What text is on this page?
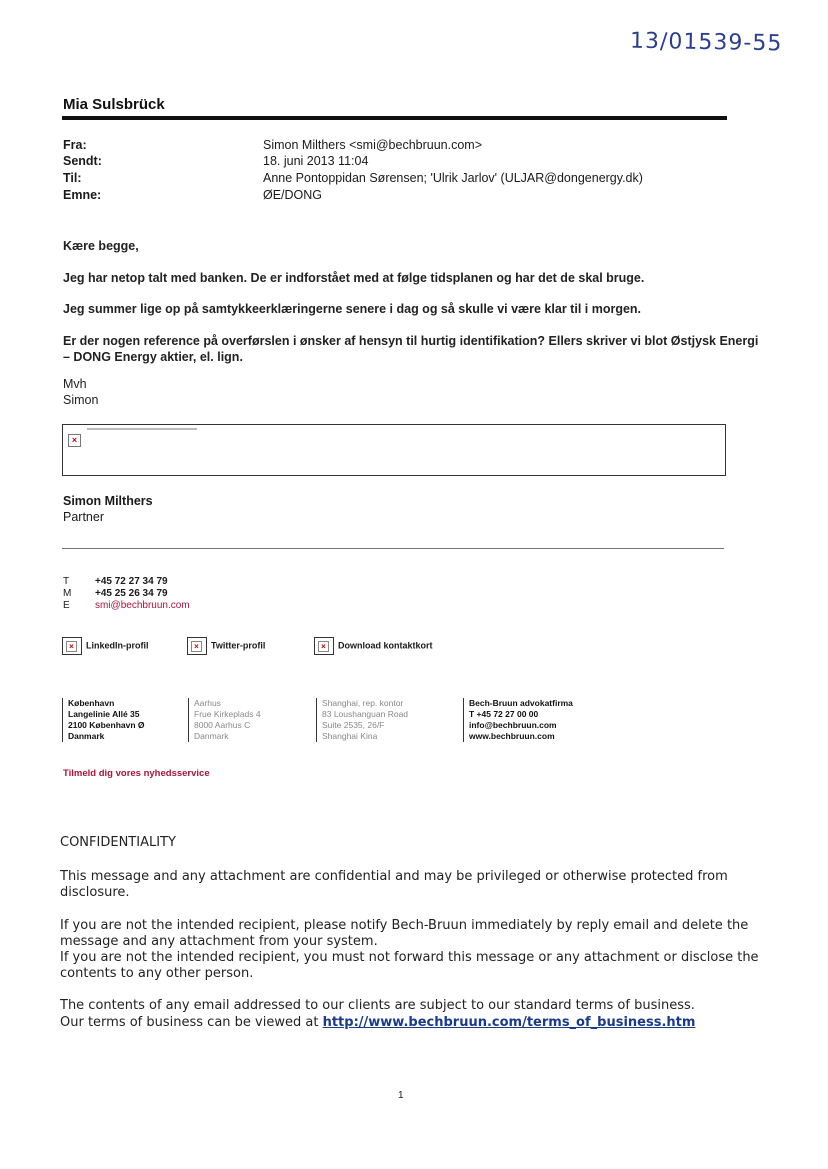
13/01539-55
Mia Sulsbrück
Fra:	Simon Milthers <smi@bechbruun.com>
Sendt:	18. juni 2013 11:04
Til:	Anne Pontoppidan Sørensen; 'Ulrik Jarlov' (ULJAR@dongenergy.dk)
Emne:	ØE/DONG
Kære begge,
Jeg har netop talt med banken. De er indforstået med at følge tidsplanen og har det de skal bruge.
Jeg summer lige op på samtykkeerklæringerne senere i dag og så skulle vi være klar til i morgen.
Er der nogen reference på overførslen i ønsker af hensyn til hurtig identifikation? Ellers skriver vi blot Østjysk Energi – DONG Energy aktier, el. lign.
Mvh
Simon
×
Simon Milthers
Partner
T	+45 72 27 34 79
M +45 25 26 34 79
E	smi@bechbruun.com
×	LinkedIn-profil	×	Twitter-profil	×	Download kontaktkort
København
Langelinie Allé 35
2100 København Ø
Danmark
Aarhus
Frue Kirkeplads 4
8000 Aarhus C
Danmark
Shanghai, rep. kontor
83 Loushanguan Road
Suite 2535, 26/F
Shanghai Kina
Bech-Bruun advokatfirma
T +45 72 27 00 00
info@bechbruun.com
www.bechbruun.com
Tilmeld dig vores nyhedsservice
CONFIDENTIALITY
This message and any attachment are confidential and may be privileged or otherwise protected from disclosure.
If you are not the intended recipient, please notify Bech-Bruun immediately by reply email and delete the message and any attachment from your system.
If you are not the intended recipient, you must not forward this message or any attachment or disclose the contents to any other person.
The contents of any email addressed to our clients are subject to our standard terms of business.
Our terms of business can be viewed at http://www.bechbruun.com/terms_of_business.htm
1
